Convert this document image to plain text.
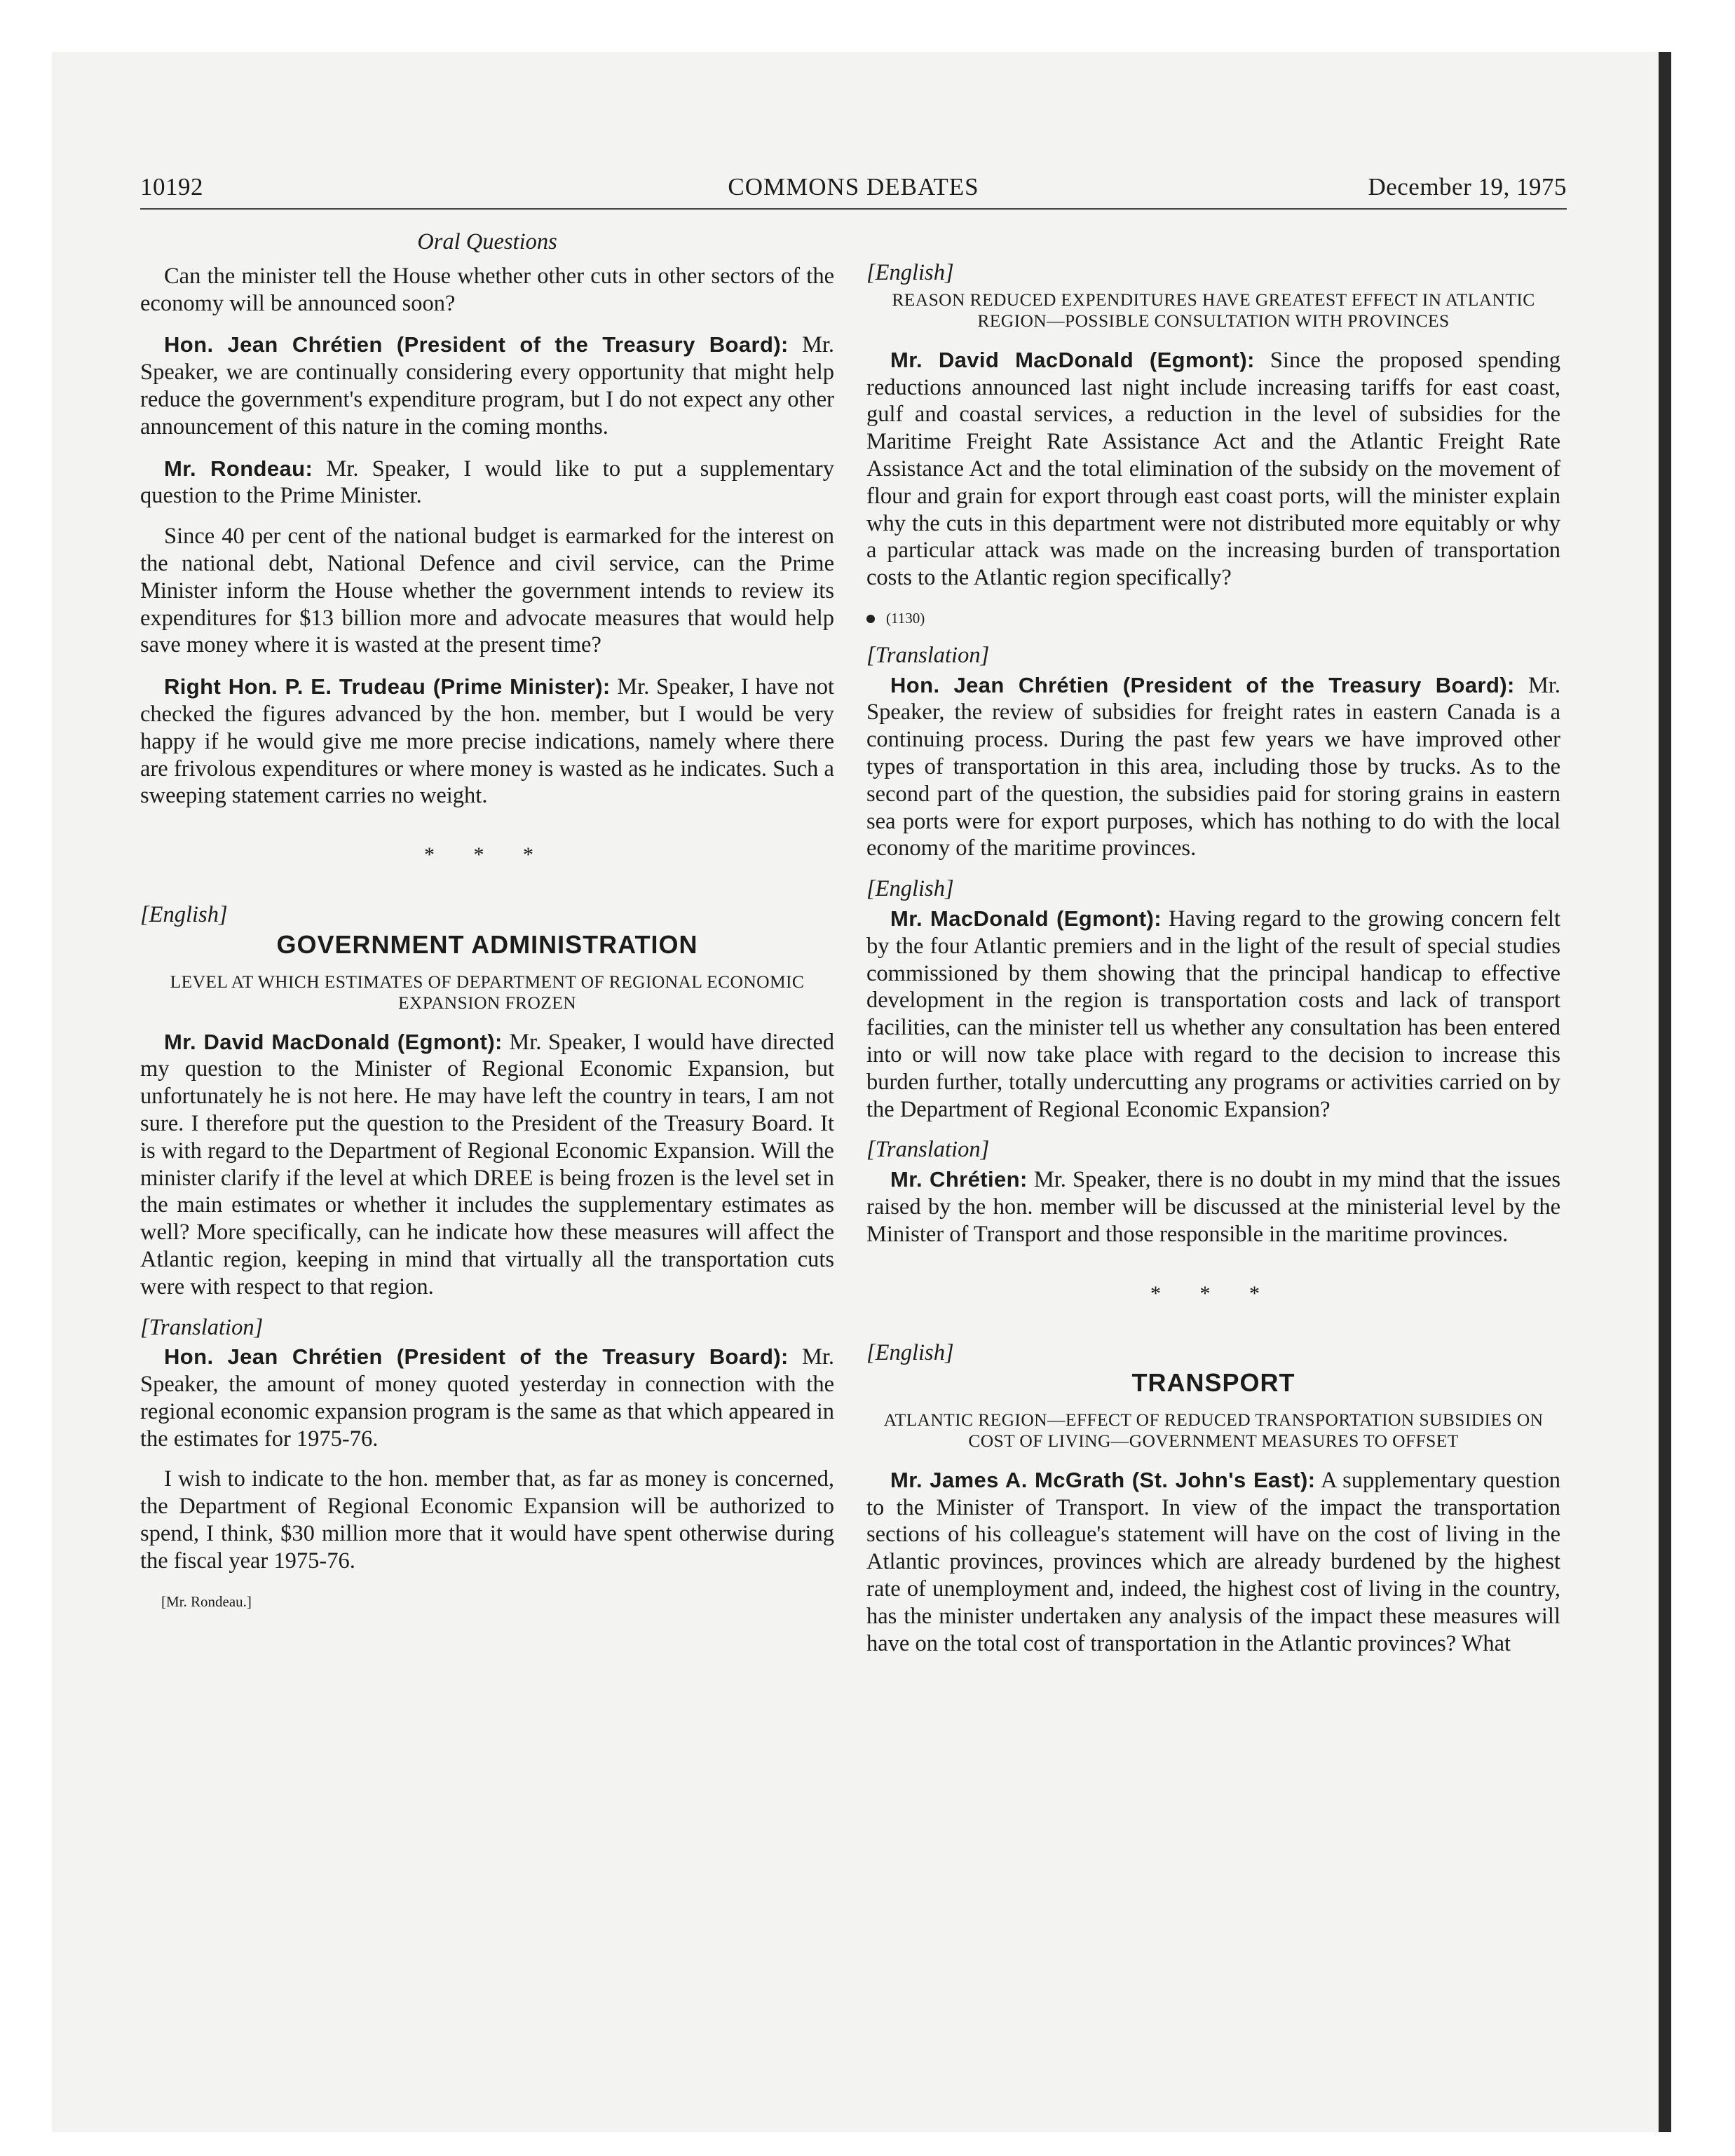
10192	COMMONS DEBATES	December 19, 1975
Oral Questions

Can the minister tell the House whether other cuts in other sectors of the economy will be announced soon?

Hon. Jean Chrétien (President of the Treasury Board): Mr. Speaker, we are continually considering every opportunity that might help reduce the government's expenditure program, but I do not expect any other announcement of this nature in the coming months.

Mr. Rondeau: Mr. Speaker, I would like to put a supplementary question to the Prime Minister.

Since 40 per cent of the national budget is earmarked for the interest on the national debt, National Defence and civil service, can the Prime Minister inform the House whether the government intends to review its expenditures for $13 billion more and advocate measures that would help save money where it is wasted at the present time?

Right Hon. P. E. Trudeau (Prime Minister): Mr. Speaker, I have not checked the figures advanced by the hon. member, but I would be very happy if he would give me more precise indications, namely where there are frivolous expenditures or where money is wasted as he indicates. Such a sweeping statement carries no weight.

* * *
[English]
GOVERNMENT ADMINISTRATION
LEVEL AT WHICH ESTIMATES OF DEPARTMENT OF REGIONAL ECONOMIC EXPANSION FROZEN

Mr. David MacDonald (Egmont): Mr. Speaker, I would have directed my question to the Minister of Regional Economic Expansion, but unfortunately he is not here. He may have left the country in tears, I am not sure. I therefore put the question to the President of the Treasury Board. It is with regard to the Department of Regional Economic Expansion. Will the minister clarify if the level at which DREE is being frozen is the level set in the main estimates or whether it includes the supplementary estimates as well? More specifically, can he indicate how these measures will affect the Atlantic region, keeping in mind that virtually all the transportation cuts were with respect to that region.

[Translation]

Hon. Jean Chrétien (President of the Treasury Board): Mr. Speaker, the amount of money quoted yesterday in connection with the regional economic expansion program is the same as that which appeared in the estimates for 1975-76.

I wish to indicate to the hon. member that, as far as money is concerned, the Department of Regional Economic Expansion will be authorized to spend, I think, $30 million more that it would have spent otherwise during the fiscal year 1975-76.

[Mr. Rondeau.]
[English]
REASON REDUCED EXPENDITURES HAVE GREATEST EFFECT IN ATLANTIC REGION—POSSIBLE CONSULTATION WITH PROVINCES

Mr. David MacDonald (Egmont): Since the proposed spending reductions announced last night include increasing tariffs for east coast, gulf and coastal services, a reduction in the level of subsidies for the Maritime Freight Rate Assistance Act and the Atlantic Freight Rate Assistance Act and the total elimination of the subsidy on the movement of flour and grain for export through east coast ports, will the minister explain why the cuts in this department were not distributed more equitably or why a particular attack was made on the increasing burden of transportation costs to the Atlantic region specifically?

(1130)
[Translation]

Hon. Jean Chrétien (President of the Treasury Board): Mr. Speaker, the review of subsidies for freight rates in eastern Canada is a continuing process. During the past few years we have improved other types of transportation in this area, including those by trucks. As to the second part of the question, the subsidies paid for storing grains in eastern sea ports were for export purposes, which has nothing to do with the local economy of the maritime provinces.

[English]

Mr. MacDonald (Egmont): Having regard to the growing concern felt by the four Atlantic premiers and in the light of the result of special studies commissioned by them showing that the principal handicap to effective development in the region is transportation costs and lack of transport facilities, can the minister tell us whether any consultation has been entered into or will now take place with regard to the decision to increase this burden further, totally undercutting any programs or activities carried on by the Department of Regional Economic Expansion?

[Translation]

Mr. Chrétien: Mr. Speaker, there is no doubt in my mind that the issues raised by the hon. member will be discussed at the ministerial level by the Minister of Transport and those responsible in the maritime provinces.

* * *
[English]
TRANSPORT
ATLANTIC REGION—EFFECT OF REDUCED TRANSPORTATION SUBSIDIES ON COST OF LIVING—GOVERNMENT MEASURES TO OFFSET

Mr. James A. McGrath (St. John's East): A supplementary question to the Minister of Transport. In view of the impact the transportation sections of his colleague's statement will have on the cost of living in the Atlantic provinces, provinces which are already burdened by the highest rate of unemployment and, indeed, the highest cost of living in the country, has the minister undertaken any analysis of the impact these measures will have on the total cost of transportation in the Atlantic provinces? What
